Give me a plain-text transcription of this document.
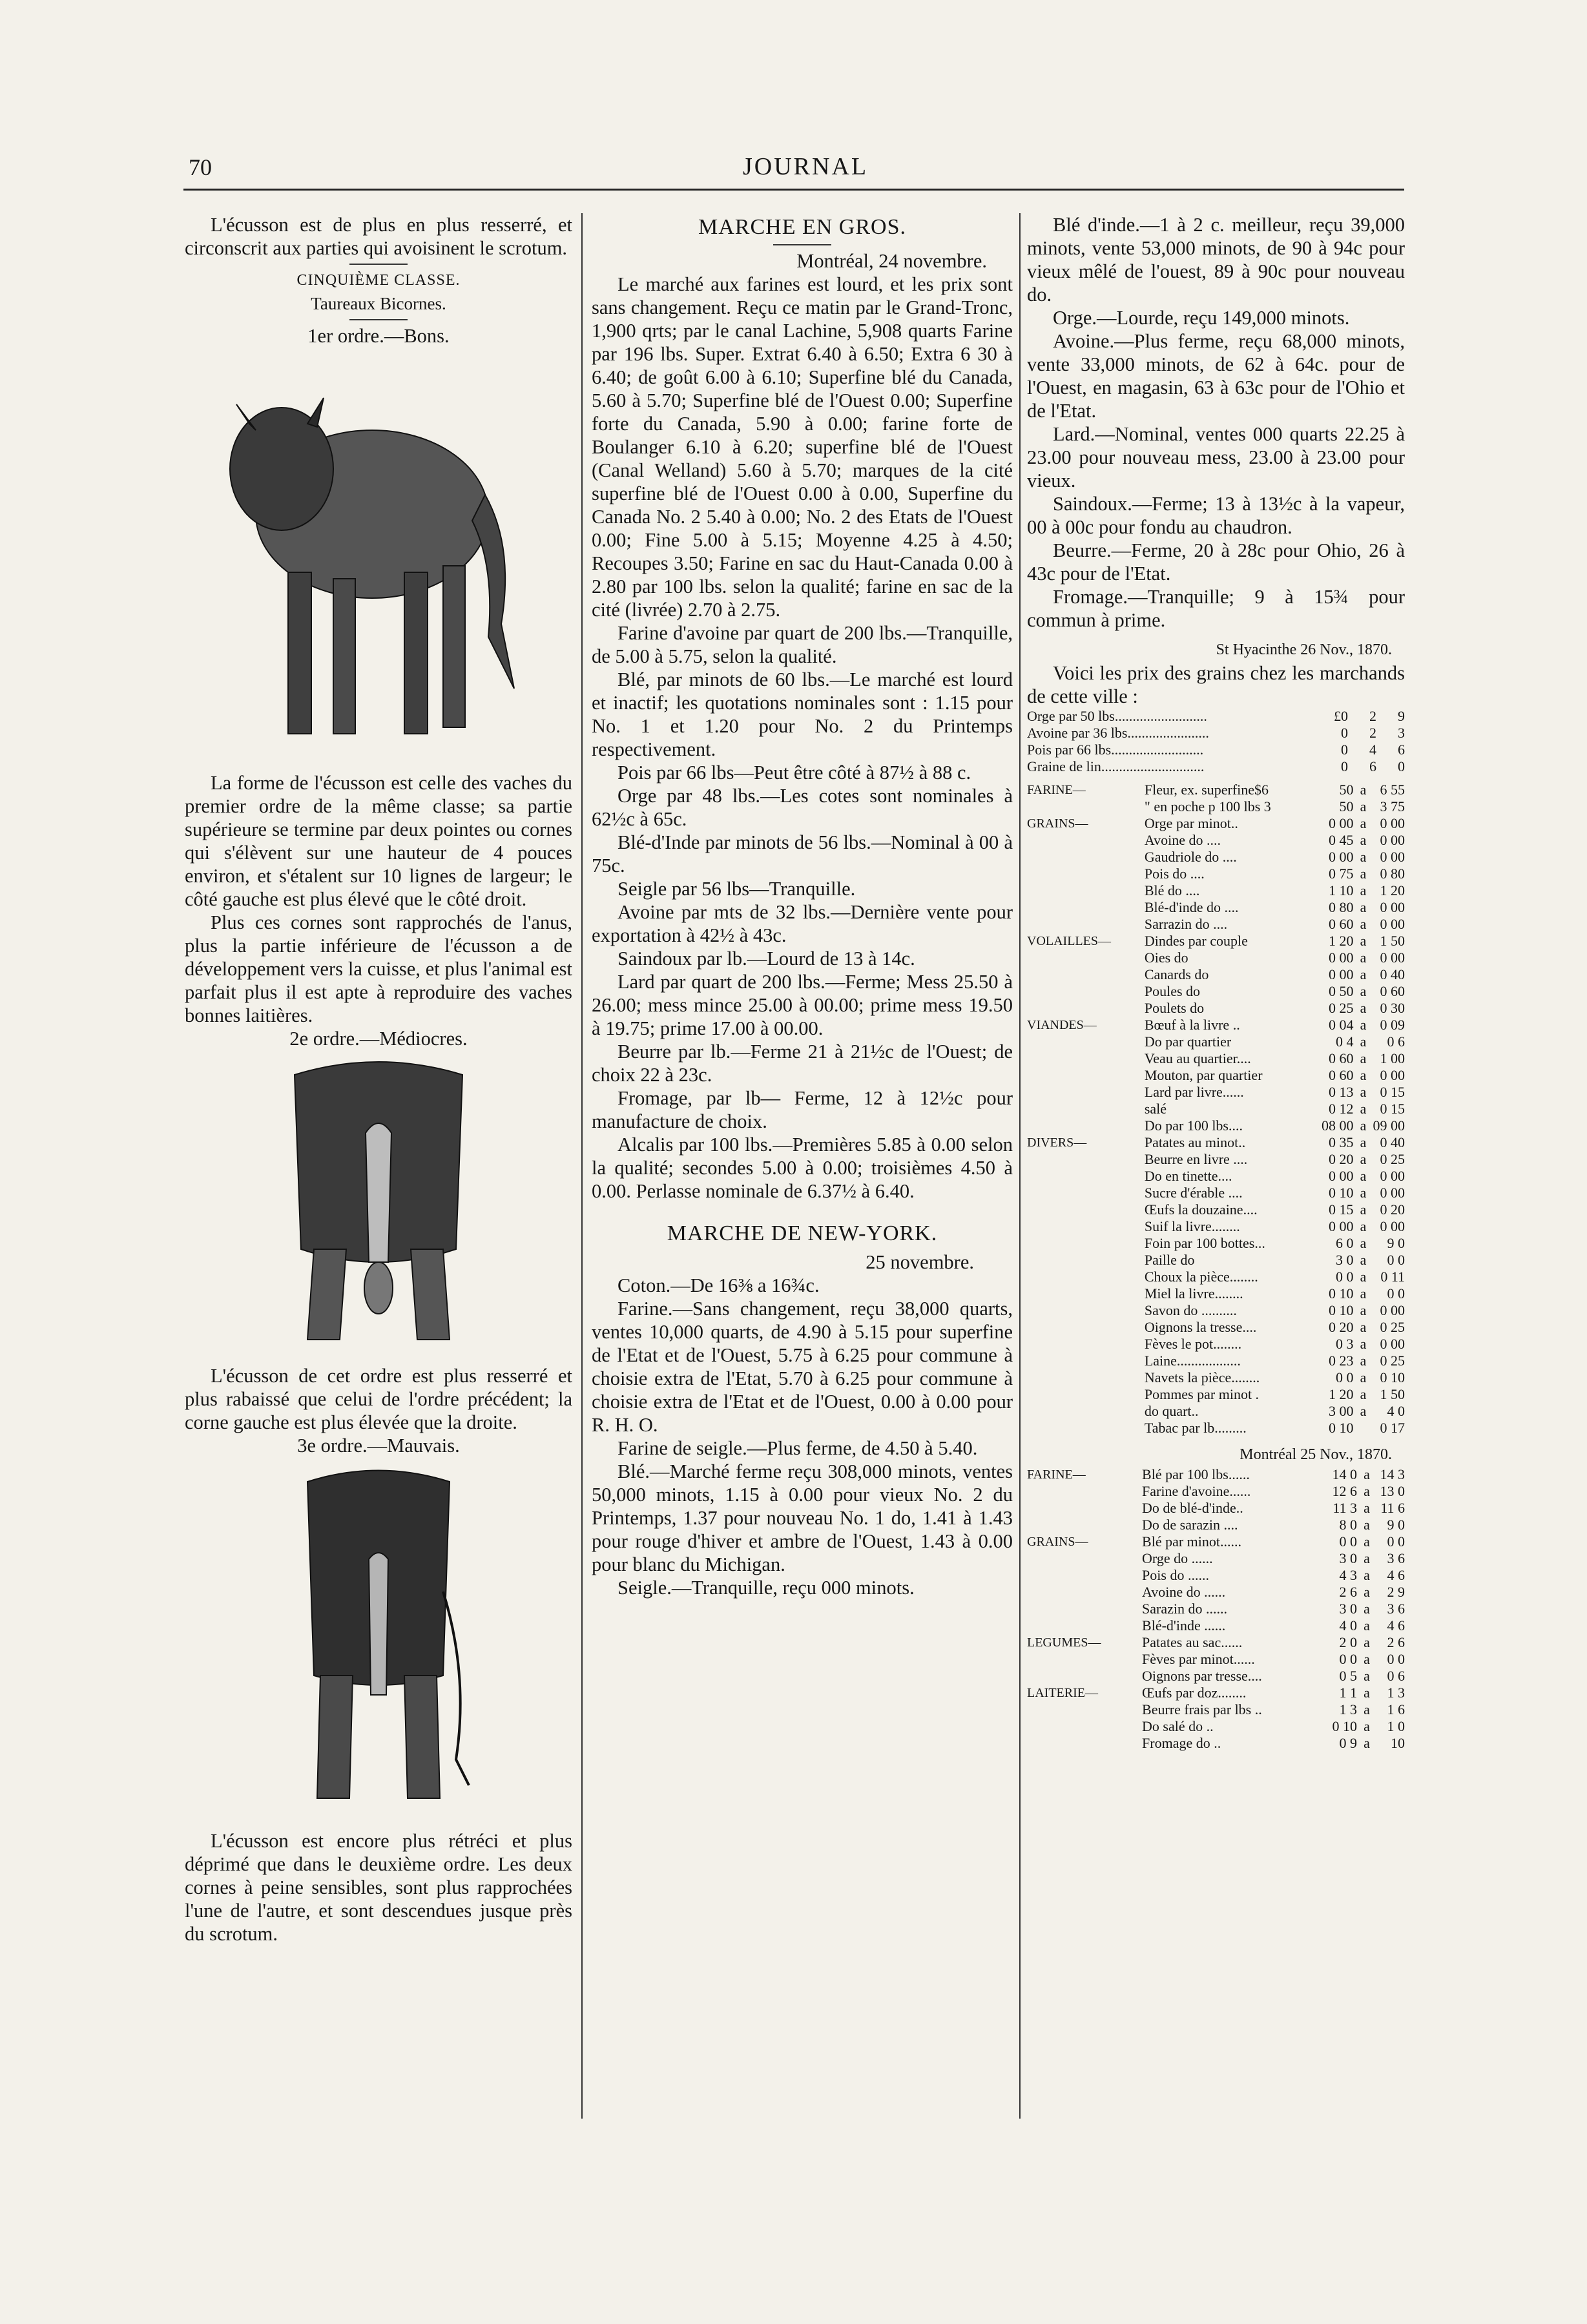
70	JOURNAL

L'écusson est de plus en plus resserré, et circonscrit aux parties qui avoisinent le scrotum.

CINQUIÈME CLASSE.

Taureaux Bicornes.

1er ordre.—Bons.

La forme de l'écusson est celle des vaches du premier ordre de la même classe; sa partie supérieure se termine par deux pointes ou cornes qui s'élèvent sur une hauteur de 4 pouces environ, et s'étalent sur 10 lignes de largeur; le côté gauche est plus élevé que le côté droit.

Plus ces cornes sont rapprochés de l'anus, plus la partie inférieure de l'écusson a de développement vers la cuisse, et plus l'animal est parfait plus il est apte à reproduire des vaches bonnes laitières.

2e ordre.—Médiocres.

L'écusson de cet ordre est plus resserré et plus rabaissé que celui de l'ordre précédent; la corne gauche est plus élevée que la droite.

3e ordre.—Mauvais.

L'écusson est encore plus rétréci et plus déprimé que dans le deuxième ordre. Les deux cornes à peine sensibles, sont plus rapprochées l'une de l'autre, et sont descendues jusque près du scrotum.

MARCHE EN GROS.

Montréal, 24 novembre.

Le marché aux farines est lourd, et les prix sont sans changement. Reçu ce matin par le Grand-Tronc, 1,900 qrts; par le canal Lachine, 5,908 quarts Farine par 196 lbs. Super. Extrat 6.40 à 6.50; Extra 6 30 à 6.40; de goût 6.00 à 6.10; Superfine blé du Canada, 5.60 à 5.70; Superfine blé de l'Ouest 0.00; Superfine forte du Canada, 5.90 à 0.00; farine forte de Boulanger 6.10 à 6.20; superfine blé de l'Ouest (Canal Welland) 5.60 à 5.70; marques de la cité superfine blé de l'Ouest 0.00 à 0.00, Superfine du Canada No. 2 5.40 à 0.00; No. 2 des Etats de l'Ouest 0.00; Fine 5.00 à 5.15; Moyenne 4.25 à 4.50; Recoupes 3.50; Farine en sac du Haut-Canada 0.00 à 2.80 par 100 lbs. selon la qualité; farine en sac de la cité (livrée) 2.70 à 2.75.

Farine d'avoine par quart de 200 lbs.—Tranquille, de 5.00 à 5.75, selon la qualité.

Blé, par minots de 60 lbs.—Le marché est lourd et inactif; les quotations nominales sont : 1.15 pour No. 1 et 1.20 pour No. 2 du Printemps respectivement.

Pois par 66 lbs—Peut être côté à 87½ à 88 c.

Orge par 48 lbs.—Les cotes sont nominales à 62½c à 65c.

Blé-d'Inde par minots de 56 lbs.—Nominal à 00 à 75c.

Seigle par 56 lbs—Tranquille.

Avoine par mts de 32 lbs.—Dernière vente pour exportation à 42½ à 43c.

Saindoux par lb.—Lourd de 13 à 14c.

Lard par quart de 200 lbs.—Ferme; Mess 25.50 à 26.00; mess mince 25.00 à 00.00; prime mess 19.50 à 19.75; prime 17.00 à 00.00.

Beurre par lb.—Ferme 21 à 21½c de l'Ouest; de choix 22 à 23c.

Fromage, par lb— Ferme, 12 à 12½c pour manufacture de choix.

Alcalis par 100 lbs.—Premières 5.85 à 0.00 selon la qualité; secondes 5.00 à 0.00; troisièmes 4.50 à 0.00. Perlasse nominale de 6.37½ à 6.40.

MARCHE DE NEW-YORK.

25 novembre.

Coton.—De 16⅜ a 16¾c.

Farine.—Sans changement, reçu 38,000 quarts, ventes 10,000 quarts, de 4.90 à 5.15 pour superfine de l'Etat et de l'Ouest, 5.75 à 6.25 pour commune à choisie extra de l'Etat, 5.70 à 6.25 pour commune à choisie extra de l'Etat et de l'Ouest, 0.00 à 0.00 pour R. H. O.

Farine de seigle.—Plus ferme, de 4.50 à 5.40.

Blé.—Marché ferme reçu 308,000 minots, ventes 50,000 minots, 1.15 à 0.00 pour vieux No. 2 du Printemps, 1.37 pour nouveau No. 1 do, 1.41 à 1.43 pour rouge d'hiver et ambre de l'Ouest, 1.43 à 0.00 pour blanc du Michigan.

Seigle.—Tranquille, reçu 000 minots.

Blé d'inde.—1 à 2 c. meilleur, reçu 39,000 minots, vente 53,000 minots, de 90 à 94c pour vieux mêlé de l'ouest, 89 à 90c pour nouveau do.

Orge.—Lourde, reçu 149,000 minots.

Avoine.—Plus ferme, reçu 68,000 minots, vente 33,000 minots, de 62 à 64c. pour de l'Ouest, en magasin, 63 à 63c pour de l'Ohio et de l'Etat.

Lard.—Nominal, ventes 000 quarts 22.25 à 23.00 pour nouveau mess, 23.00 à 23.00 pour vieux.

Saindoux.—Ferme; 13 à 13½c à la vapeur, 00 à 00c pour fondu au chaudron.

Beurre.—Ferme, 20 à 28c pour Ohio, 26 à 43c pour de l'Etat.

Fromage.—Tranquille; 9 à 15¾ pour commun à prime.

St Hyacinthe 26 Nov., 1870.

Voici les prix des grains chez les marchands de cette ville :

Orge par 50 lbs..........................	£0	2	9
Avoine par 36 lbs.......................	0	2	3
Pois par 66 lbs..........................	0	4	6
Graine de lin.............................	0	6	0
FARINE—	Fleur, ex. superfine$6	50	a	6 55
	" en poche p 100 lbs 3	50	a	3 75
GRAINS—	Orge par minot..	0 00	a	0 00
	Avoine do ....	0 45	a	0 00
	Gaudriole do ....	0 00	a	0 00
	Pois do ....	0 75	a	0 80
	Blé do ....	1 10	a	1 20
	Blé-d'inde do ....	0 80	a	0 00
	Sarrazin do ....	0 60	a	0 00
VOLAILLES—	Dindes par couple	1 20	a	1 50
	Oies do	0 00	a	0 00
	Canards do	0 00	a	0 40
	Poules do	0 50	a	0 60
	Poulets do	0 25	a	0 30
VIANDES—	Bœuf à la livre ..	0 04	a	0 09
	Do par quartier	0 4	a	0 6
	Veau au quartier....	0 60	a	1 00
	Mouton, par quartier	0 60	a	0 00
	Lard par livre......	0 13	a	0 15
	salé	0 12	a	0 15
	Do par 100 lbs....	08 00	a	09 00
DIVERS—	Patates au minot..	0 35	a	0 40
	Beurre en livre ....	0 20	a	0 25
	Do en tinette....	0 00	a	0 00
	Sucre d'érable ....	0 10	a	0 00
	Œufs la douzaine....	0 15	a	0 20
	Suif la livre........	0 00	a	0 00
	Foin par 100 bottes...	6 0	a	9 0
	Paille do	3 0	a	0 0
	Choux la pièce........	0 0	a	0 11
	Miel la livre........	0 10	a	0 0
	Savon do ..........	0 10	a	0 00
	Oignons la tresse....	0 20	a	0 25
	Fèves le pot........	0 3	a	0 00
	Laine..................	0 23	a	0 25
	Navets la pièce........	0 0	a	0 10
	Pommes par minot .	1 20	a	1 50
	do quart..	3 00	a	4 0
	Tabac par lb.........	0 10		0 17

Montréal 25 Nov., 1870.

FARINE—	Blé par 100 lbs......	14 0	a	14 3
	Farine d'avoine......	12 6	a	13 0
	Do de blé-d'inde..	11 3	a	11 6
	Do de sarazin ....	8 0	a	9 0
GRAINS—	Blé par minot......	0 0	a	0 0
	Orge do ......	3 0	a	3 6
	Pois do ......	4 3	a	4 6
	Avoine do ......	2 6	a	2 9
	Sarazin do ......	3 0	a	3 6
	Blé-d'inde ......	4 0	a	4 6
LEGUMES—	Patates au sac......	2 0	a	2 6
	Fèves par minot......	0 0	a	0 0
	Oignons par tresse....	0 5	a	0 6
LAITERIE—	Œufs par doz........	1 1	a	1 3
	Beurre frais par lbs ..	1 3	a	1 6
	Do salé do ..	0 10	a	1 0
	Fromage do ..	0 9	a	10
